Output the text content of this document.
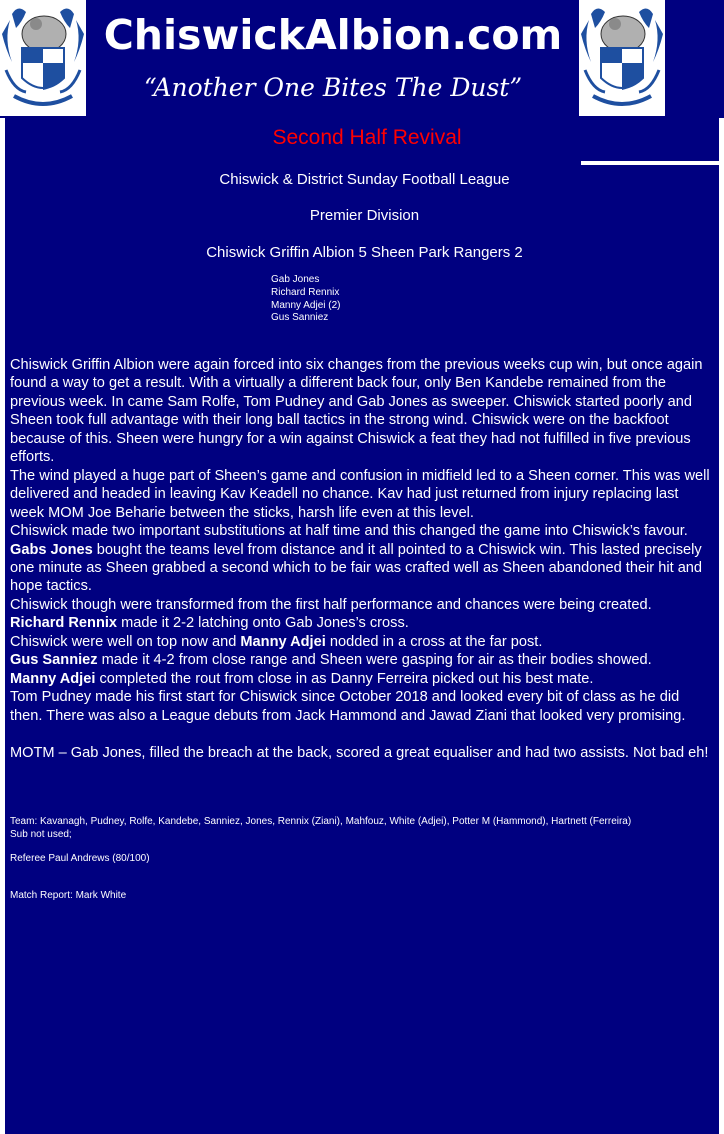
ChiswickAlbion.com
“Another One Bites The Dust”
Second Half Revival
Chiswick & District Sunday Football League
Premier Division
Chiswick Griffin Albion 5 Sheen Park Rangers 2
Gab Jones
Richard Rennix
Manny Adjei (2)
Gus Sanniez

Chiswick Griffin Albion were again forced into six changes from the previous weeks cup win, but once again found a way to get a result. With a virtually a different back four, only Ben Kandebe remained from the previous week. In came Sam Rolfe, Tom Pudney and Gab Jones as sweeper. Chiswick started poorly and Sheen took full advantage with their long ball tactics in the strong wind. Chiswick were on the backfoot because of this. Sheen were hungry for a win against Chiswick a feat they had not fulfilled in five previous efforts.

The wind played a huge part of Sheen’s game and confusion in midfield led to a Sheen corner. This was well delivered and headed in leaving Kav Keadell no chance. Kav had just returned from injury replacing last week MOM Joe Beharie between the sticks, harsh life even at this level.

Chiswick made two important substitutions at half time and this changed the game into Chiswick’s favour. Gabs Jones bought the teams level from distance and it all pointed to a Chiswick win. This lasted precisely one minute as Sheen grabbed a second which to be fair was crafted well as Sheen abandoned their hit and hope tactics.

Chiswick though were transformed from the first half performance and chances were being created.

Richard Rennix made it 2-2 latching onto Gab Jones’s cross.

Chiswick were well on top now and Manny Adjei nodded in a cross at the far post.

Gus Sanniez made it 4-2 from close range and Sheen were gasping for air as their bodies showed.

Manny Adjei completed the rout from close in as Danny Ferreira picked out his best mate.

Tom Pudney made his first start for Chiswick since October 2018 and looked every bit of class as he did then. There was also a League debuts from Jack Hammond and Jawad Ziani that looked very promising.

MOTM – Gab Jones, filled the breach at the back, scored a great equaliser and had two assists. Not bad eh!

Team: Kavanagh, Pudney, Rolfe, Kandebe, Sanniez, Jones, Rennix (Ziani), Mahfouz, White (Adjei), Potter M (Hammond), Hartnett (Ferreira)
Sub not used;
Referee Paul Andrews (80/100)
Match Report: Mark White
